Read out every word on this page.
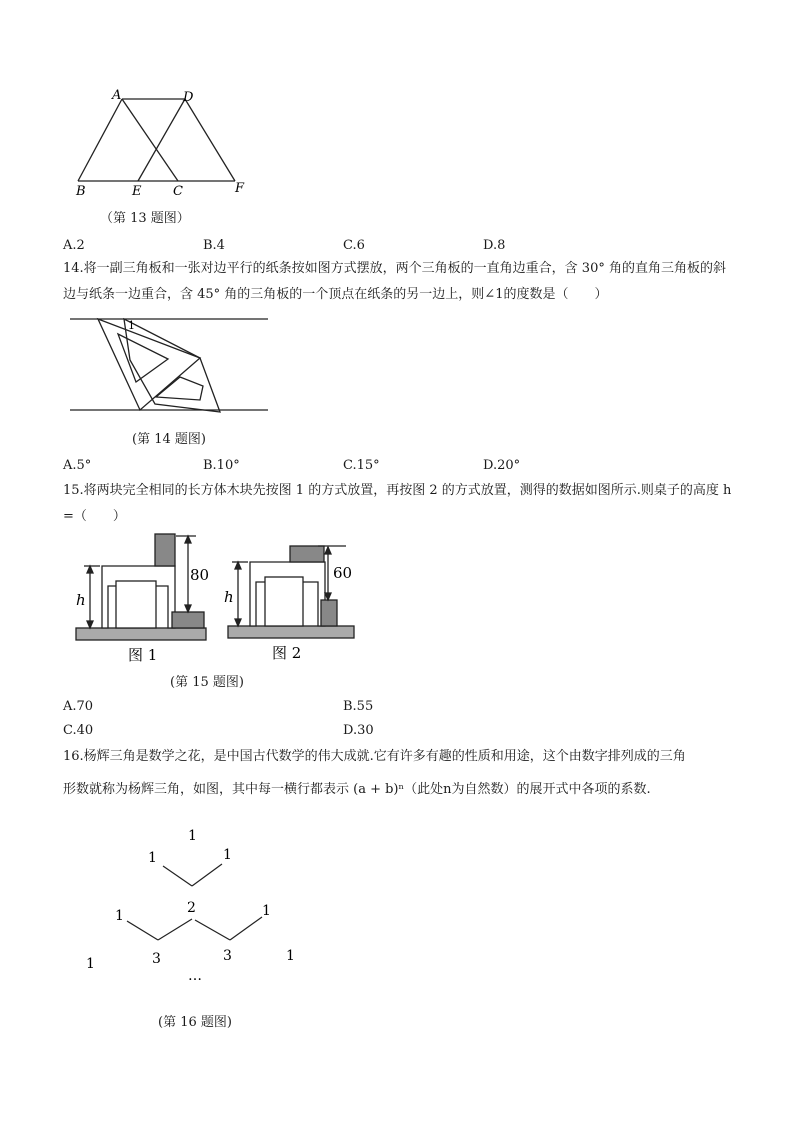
A	D
B	E C	F
（第 13 题图）
A.2	B.4	C.6	D.8
14.将一副三角板和一张对边平行的纸条按如图方式摆放，两个三角板的一直角边重合，含 30° 角的直角三角板的斜边与纸条一边重合，含 45° 角的三角板的一个顶点在纸条的另一边上，则∠1的度数是（　　）
1
(第 14 题图)
A.5°	B.10°	C.15°	D.20°
15.将两块完全相同的长方体木块先按图 1 的方式放置，再按图 2 的方式放置，测得的数据如图所示.则桌子的高度 h =（　　）
h
80
图 1
h
60
图 2
(第 15 题图)
A.70	B.55
C.40	D.30
16.杨辉三角是数学之花，是中国古代数学的伟大成就.它有许多有趣的性质和用途，这个由数字排列成的三角
形数就称为杨辉三角，如图，其中每一横行都表示 (a + b)ⁿ（此处n为自然数）的展开式中各项的系数.
1
1	1
1	2	1
1	3	3	1
…
(第 16 题图)
